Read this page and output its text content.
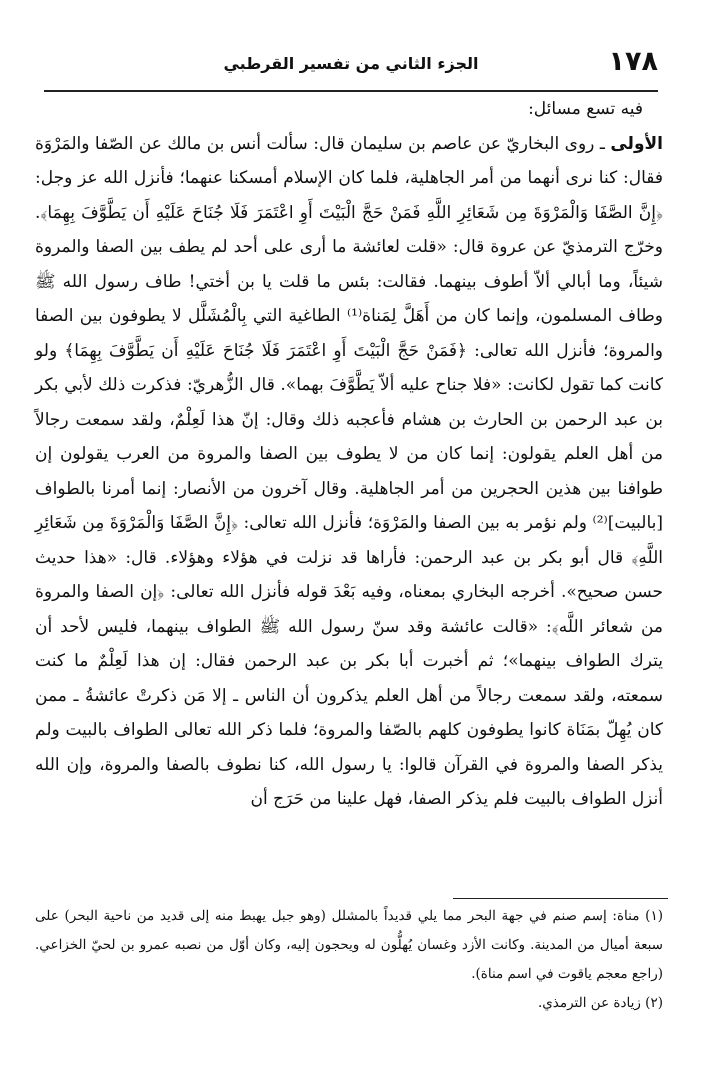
١٧٨
الجزء الثاني من تفسير القرطبي

فيه تسع مسائل:

الأولى ـ روى البخاريّ عن عاصم بن سليمان قال: سألت أنس بن مالك عن الصّفا والمَرْوَة فقال: كنا نرى أنهما من أمر الجاهلية، فلما كان الإسلام أمسكنا عنهما؛ فأنزل الله عز وجل: ﴿إِنَّ الصَّفَا وَالْمَرْوَةَ مِن شَعَائِرِ اللَّهِ فَمَنْ حَجَّ الْبَيْتَ أَوِ اعْتَمَرَ فَلَا جُنَاحَ عَلَيْهِ أَن يَطَّوَّفَ بِهِمَا﴾. وخرّج الترمذيّ عن عروة قال: «قلت لعائشة ما أرى على أحد لم يطف بين الصفا والمروة شيئاً، وما أبالي ألاّ أطوف بينهما. فقالت: بئس ما قلت يا بن أختي! طاف رسول الله ﷺ وطاف المسلمون، وإنما كان من أَهَلَّ لِمَناة⁽¹⁾ الطاغية التي بِالْمُشَلَّل لا يطوفون بين الصفا والمروة؛ فأنزل الله تعالى: ﴿فَمَنْ حَجَّ الْبَيْتَ أَوِ اعْتَمَرَ فَلَا جُنَاحَ عَلَيْهِ أَن يَطَّوَّفَ بِهِمَا﴾ ولو كانت كما تقول لكانت: «فلا جناح عليه ألاّ يَطَّوَّفَ بهما». قال الزُّهريّ: فذكرت ذلك لأبي بكر بن عبد الرحمن بن الحارث بن هشام فأعجبه ذلك وقال: إنّ هذا لَعِلْمٌ، ولقد سمعت رجالاً من أهل العلم يقولون: إنما كان من لا يطوف بين الصفا والمروة من العرب يقولون إن طوافنا بين هذين الحجرين من أمر الجاهلية. وقال آخرون من الأنصار: إنما أمرنا بالطواف [بالبيت]⁽²⁾ ولم نؤمر به بين الصفا والمَرْوَة؛ فأنزل الله تعالى: ﴿إِنَّ الصَّفَا وَالْمَرْوَةَ مِن شَعَائِرِ اللَّهِ﴾ قال أبو بكر بن عبد الرحمن: فأراها قد نزلت في هؤلاء وهؤلاء. قال: «هذا حديث حسن صحيح». أخرجه البخاري بمعناه، وفيه بَعْدَ قوله فأنزل الله تعالى: ﴿إن الصفا والمروة من شعائر اللَّه﴾: «قالت عائشة وقد سنّ رسول الله ﷺ الطواف بينهما، فليس لأحد أن يترك الطواف بينهما»؛ ثم أخبرت أبا بكر بن عبد الرحمن فقال: إن هذا لَعِلْمٌ ما كنت سمعته، ولقد سمعت رجالاً من أهل العلم يذكرون أن الناس ـ إلا مَن ذكرتْ عائشةُ ـ ممن كان يُهِلّ بمَنَاة كانوا يطوفون كلهم بالصّفا والمروة؛ فلما ذكر الله تعالى الطواف بالبيت ولم يذكر الصفا والمروة في القرآن قالوا: يا رسول الله، كنا نطوف بالصفا والمروة، وإن الله أنزل الطواف بالبيت فلم يذكر الصفا، فهل علينا من حَرَج أن

(١) مناة: إسم صنم في جهة البحر مما يلي قديداً بالمشلل (وهو جبل يهبط منه إلى قديد من ناحية البحر) على سبعة أميال من المدينة. وكانت الأزد وغسان يُهلُّون له ويحجون إليه، وكان أوّل من نصبه عمرو بن لحيّ الخزاعي. (راجع معجم ياقوت في اسم مناة).

(٢) زيادة عن الترمذي.
